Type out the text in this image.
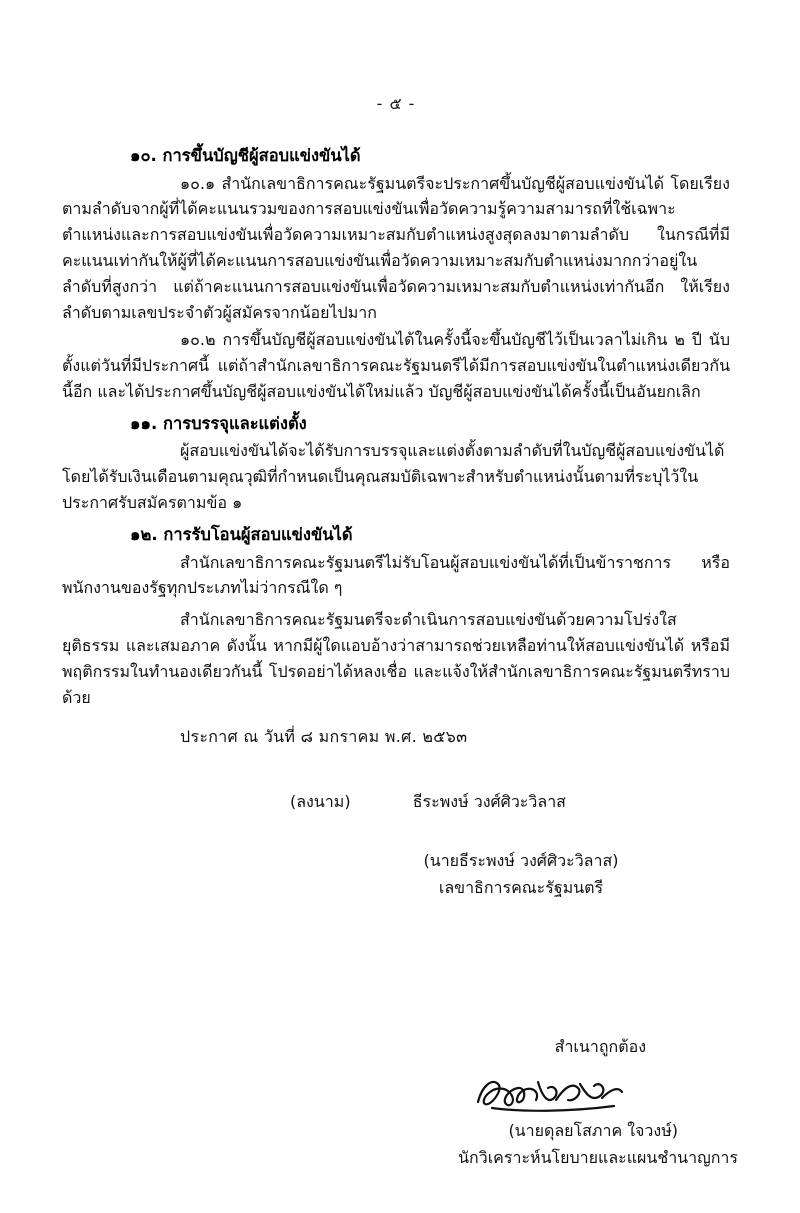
- ๕ -
๑๐. การขึ้นบัญชีผู้สอบแข่งขันได้

๑๐.๑ สำนักเลขาธิการคณะรัฐมนตรีจะประกาศขึ้นบัญชีผู้สอบแข่งขันได้ โดยเรียงตามลำดับจากผู้ที่ได้คะแนนรวมของการสอบแข่งขันเพื่อวัดความรู้ความสามารถที่ใช้เฉพาะตำแหน่งและการสอบแข่งขันเพื่อวัดความเหมาะสมกับตำแหน่งสูงสุดลงมาตามลำดับ ในกรณีที่มีคะแนนเท่ากันให้ผู้ที่ได้คะแนนการสอบแข่งขันเพื่อวัดความเหมาะสมกับตำแหน่งมากกว่าอยู่ในลำดับที่สูงกว่า แต่ถ้าคะแนนการสอบแข่งขันเพื่อวัดความเหมาะสมกับตำแหน่งเท่ากันอีก ให้เรียงลำดับตามเลขประจำตัวผู้สมัครจากน้อยไปมาก

๑๐.๒ การขึ้นบัญชีผู้สอบแข่งขันได้ในครั้งนี้จะขึ้นบัญชีไว้เป็นเวลาไม่เกิน ๒ ปี นับตั้งแต่วันที่มีประกาศนี้ แต่ถ้าสำนักเลขาธิการคณะรัฐมนตรีได้มีการสอบแข่งขันในตำแหน่งเดียวกันนี้อีก และได้ประกาศขึ้นบัญชีผู้สอบแข่งขันได้ใหม่แล้ว บัญชีผู้สอบแข่งขันได้ครั้งนี้เป็นอันยกเลิก

๑๑. การบรรจุและแต่งตั้ง

ผู้สอบแข่งขันได้จะได้รับการบรรจุและแต่งตั้งตามลำดับที่ในบัญชีผู้สอบแข่งขันได้ โดยได้รับเงินเดือนตามคุณวุฒิที่กำหนดเป็นคุณสมบัติเฉพาะสำหรับตำแหน่งนั้นตามที่ระบุไว้ในประกาศรับสมัครตามข้อ ๑

๑๒. การรับโอนผู้สอบแข่งขันได้

สำนักเลขาธิการคณะรัฐมนตรีไม่รับโอนผู้สอบแข่งขันได้ที่เป็นข้าราชการ หรือพนักงานของรัฐทุกประเภทไม่ว่ากรณีใด ๆ

สำนักเลขาธิการคณะรัฐมนตรีจะดำเนินการสอบแข่งขันด้วยความโปร่งใส ยุติธรรม และเสมอภาค ดังนั้น หากมีผู้ใดแอบอ้างว่าสามารถช่วยเหลือท่านให้สอบแข่งขันได้ หรือมีพฤติกรรมในทำนองเดียวกันนี้ โปรดอย่าได้หลงเชื่อ และแจ้งให้สำนักเลขาธิการคณะรัฐมนตรีทราบด้วย

ประกาศ ณ วันที่ ๘ มกราคม พ.ศ. ๒๕๖๓
(ลงนาม)	ธีระพงษ์ วงศ์ศิวะวิลาส
(นายธีระพงษ์ วงศ์ศิวะวิลาส)
เลขาธิการคณะรัฐมนตรี
สำเนาถูกต้อง
(นายดุลยโสภาค ใจวงษ์)
นักวิเคราะห์นโยบายและแผนชำนาญการ
